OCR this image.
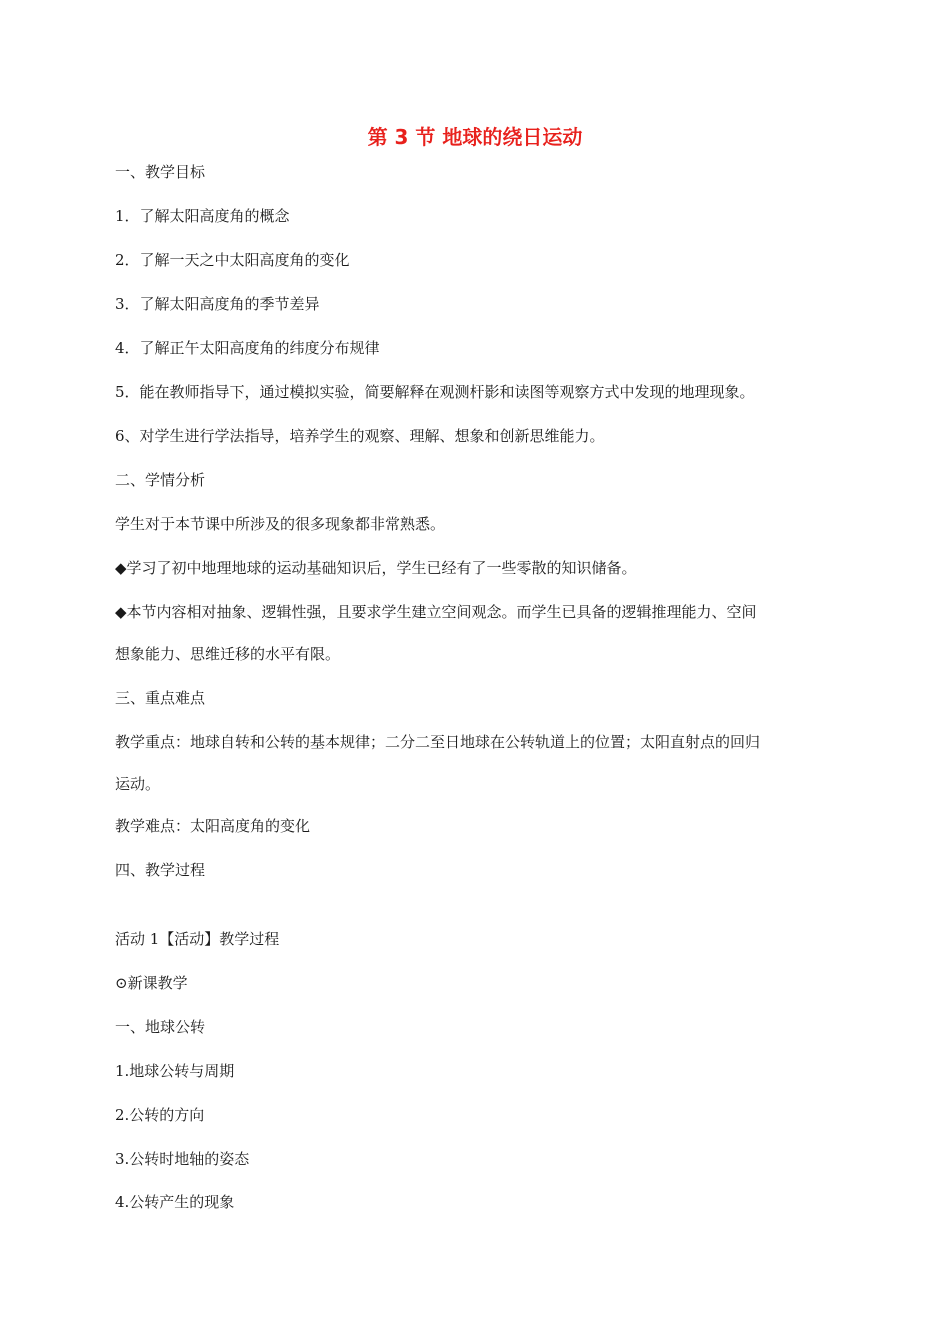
第 3 节 地球的绕日运动
一、教学目标
1．了解太阳高度角的概念
2．了解一天之中太阳高度角的变化
3．了解太阳高度角的季节差异
4．了解正午太阳高度角的纬度分布规律
5．能在教师指导下，通过模拟实验，简要解释在观测杆影和读图等观察方式中发现的地理现象。
6、对学生进行学法指导，培养学生的观察、理解、想象和创新思维能力。
二、学情分析
学生对于本节课中所涉及的很多现象都非常熟悉。
◆学习了初中地理地球的运动基础知识后，学生已经有了一些零散的知识储备。
◆本节内容相对抽象、逻辑性强，且要求学生建立空间观念。而学生已具备的逻辑推理能力、空间
想象能力、思维迁移的水平有限。
三、重点难点
教学重点：地球自转和公转的基本规律；二分二至日地球在公转轨道上的位置；太阳直射点的回归
运动。
教学难点：太阳高度角的变化
四、教学过程
活动 1【活动】教学过程
⊙新课教学
一、地球公转
1.地球公转与周期
2.公转的方向
3.公转时地轴的姿态
4.公转产生的现象
